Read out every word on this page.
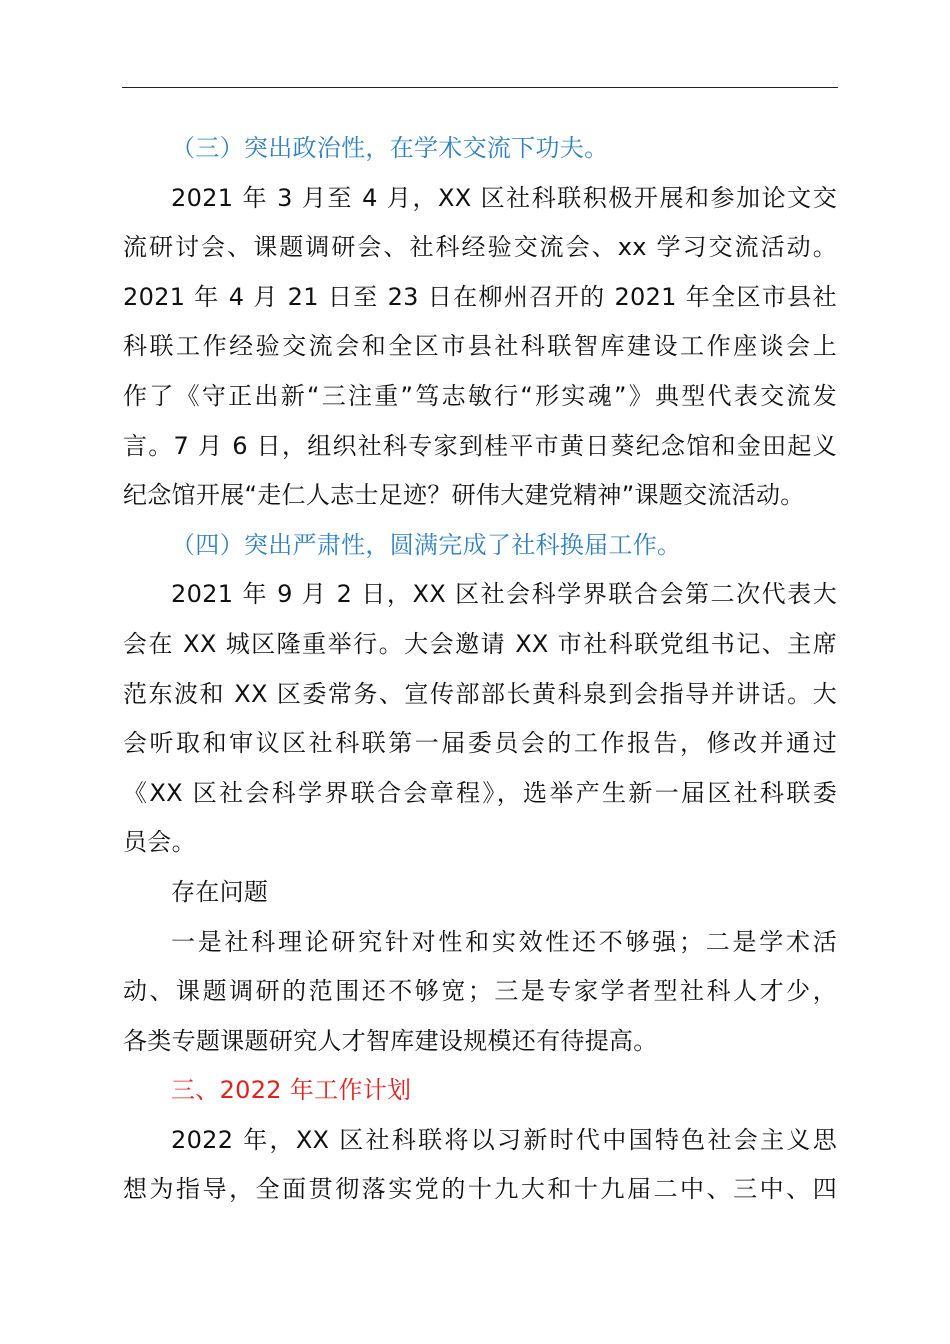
（三）突出政治性，在学术交流下功夫。

2021 年 3 月至 4 月，XX 区社科联积极开展和参加论文交
流研讨会、课题调研会、社科经验交流会、xx 学习交流活动。
2021 年 4 月 21 日至 23 日在柳州召开的 2021 年全区市县社
科联工作经验交流会和全区市县社科联智库建设工作座谈会上
作了《守正出新“三注重”笃志敏行“形实魂”》典型代表交流发
言。7 月 6 日，组织社科专家到桂平市黄日葵纪念馆和金田起义
纪念馆开展“走仁人志士足迹？研伟大建党精神”课题交流活动。

（四）突出严肃性，圆满完成了社科换届工作。

2021 年 9 月 2 日，XX 区社会科学界联合会第二次代表大
会在 XX 城区隆重举行。大会邀请 XX 市社科联党组书记、主席
范东波和 XX 区委常务、宣传部部长黄科泉到会指导并讲话。大
会听取和审议区社科联第一届委员会的工作报告，修改并通过
《XX 区社会科学界联合会章程》，选举产生新一届区社科联委
员会。

存在问题

一是社科理论研究针对性和实效性还不够强；二是学术活
动、课题调研的范围还不够宽；三是专家学者型社科人才少，
各类专题课题研究人才智库建设规模还有待提高。

三、2022 年工作计划

2022 年，XX 区社科联将以习新时代中国特色社会主义思
想为指导，全面贯彻落实党的十九大和十九届二中、三中、四
